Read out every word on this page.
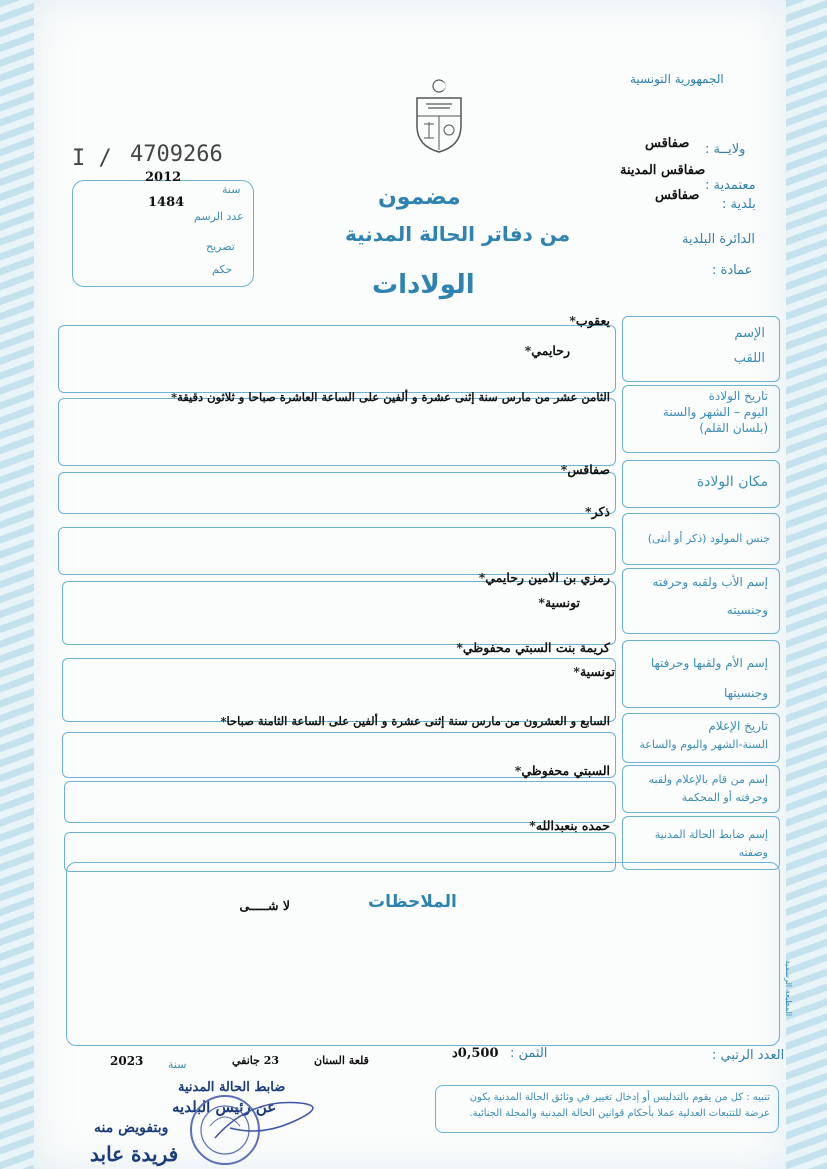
الجمهورية التونسية
ولايــة :
صفاقس
معتمدية :
صفاقس المدينة
بلدية :
صفاقس
الدائرة البلدية
عمادة :
I / 4709266
سنة
2012
عدد الرسم
1484
تصريح
حكم
مضمون
من دفاتر الحالة المدنية
الولادات
الإسم
اللقب
يعقوب*
رحايمي*
تاريخ الولادة
اليوم – الشهر والسنة
(بلسان القلم)
الثامن عشر من مارس سنة إثنى عشرة و ألفين على الساعة العاشرة صباحا و ثلاثون دقيقة*
مكان الولادة
صفاقس*
جنس المولود (ذكر أو أنثى)
ذكر*
إسم الأب ولقبه وحرفته
وجنسيته
رمزي بن الامين رحايمي*
تونسية*
إسم الأم ولقبها وحرفتها
وجنسيتها
كريمة بنت السبتي محفوظي*
تونسية*
تاريخ الإعلام
السنة-الشهر واليوم والساعة
السابع و العشرون من مارس سنة إثنى عشرة و ألفين على الساعة الثامنة صباحا*
إسم من قام بالإعلام ولقبه
وحرفته أو المحكمة
السبتي محفوظي*
إسم ضابط الحالة المدنية
وصفته
حمده بنعبدالله*
الملاحظات
لا شـــــى
المطبعة الرسمية
العدد الرتبي :
الثمن :
0,500د
قلعة السنان
23 جانفي
سنة
2023
ضابط الحالة المدنية
عن رئيس البلديه
وبتفويض منه
فريدة عابد
تنبيه : كل من يقوم بالتدليس أو إدخال تغيير في وثائق الحالة المدنية يكون عرضة للتتبعات العدلية عملا بأحكام قوانين الحالة المدنية والمجلة الجنائية.
